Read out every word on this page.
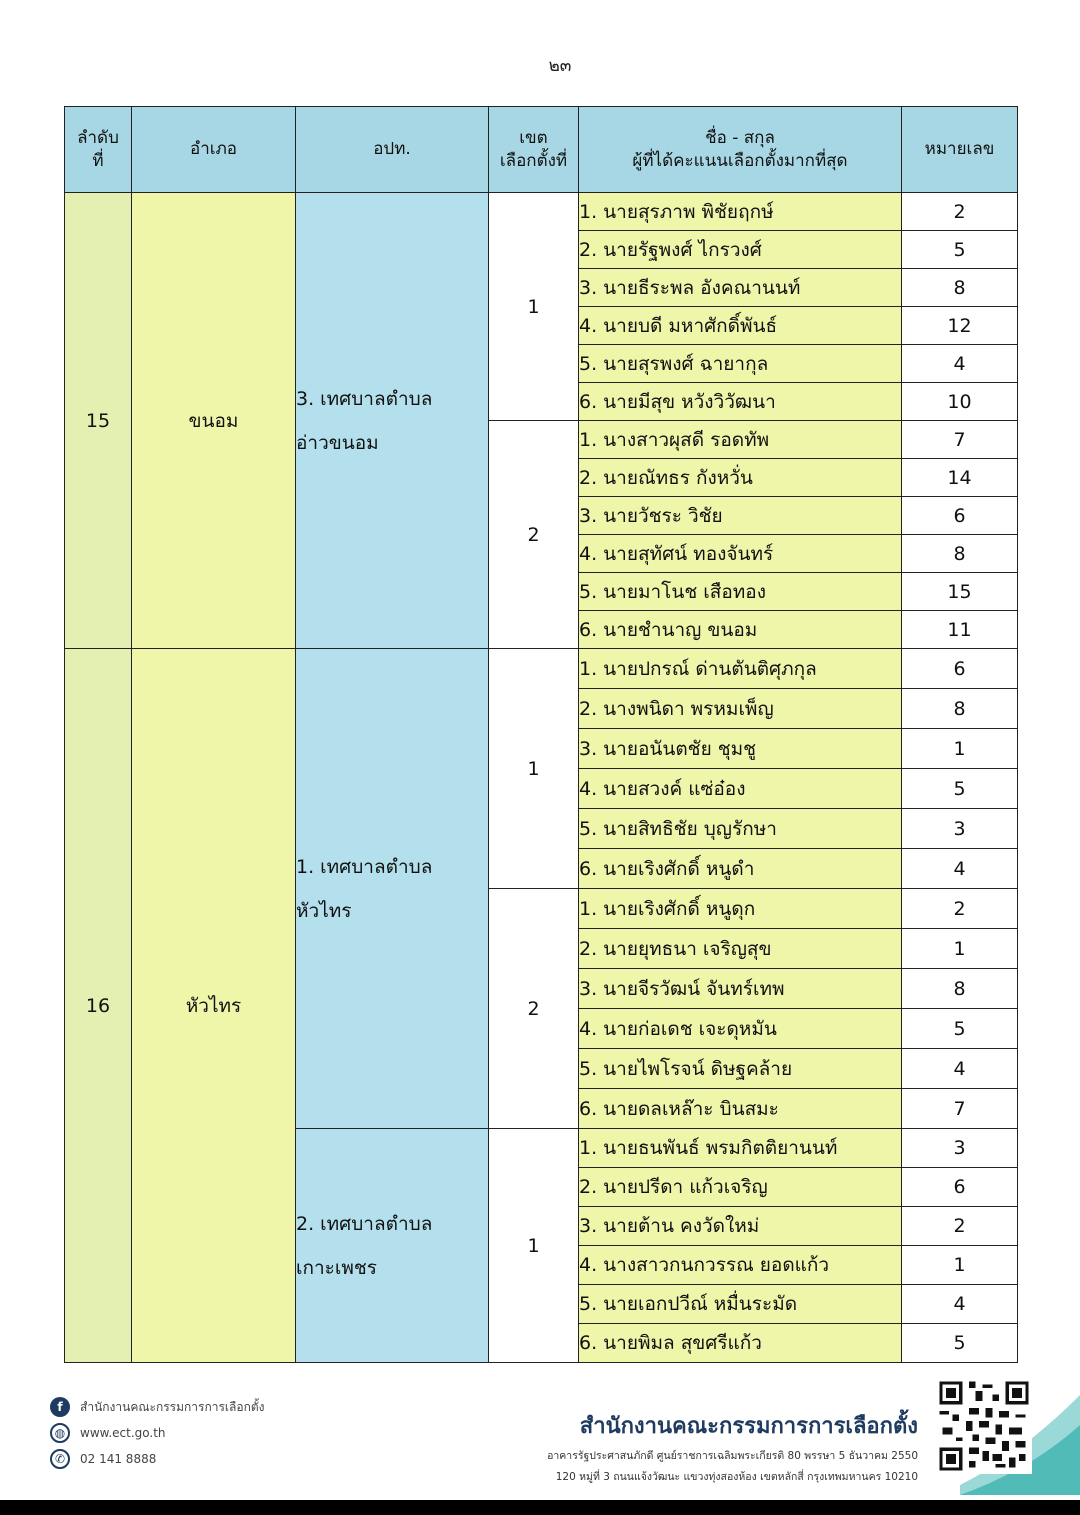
๒๓
ลำดับ
ที่	อำเภอ	อปท.	เขต
เลือกตั้งที่	ชื่อ - สกุล
ผู้ที่ได้คะแนนเลือกตั้งมากที่สุด	หมายเลข
15	ขนอม	3. เทศบาลตำบล
อ่าวขนอม	1	1. นายสุรภาพ พิชัยฤกษ์	2
				2. นายรัฐพงศ์ ไกรวงศ์	5
				3. นายธีระพล อังคณานนท์	8
				4. นายบดี มหาศักดิ์พันธ์	12
				5. นายสุรพงศ์ ฉายากุล	4
				6. นายมีสุข หวังวิวัฒนา	10
			2	1. นางสาวผุสดี รอดทัพ	7
				2. นายณัทธร กังหวั่น	14
				3. นายวัชระ วิชัย	6
				4. นายสุทัศน์ ทองจันทร์	8
				5. นายมาโนช เสือทอง	15
				6. นายชำนาญ ขนอม	11
16	หัวไทร	1. เทศบาลตำบล
หัวไทร	1	1. นายปกรณ์ ด่านตันติศุภกุล	6
				2. นางพนิดา พรหมเพ็ญ	8
				3. นายอนันตชัย ชุมชู	1
				4. นายสวงค์ แซ่อ๋อง	5
				5. นายสิทธิชัย บุญรักษา	3
				6. นายเริงศักดิ์ หนูดำ	4
			2	1. นายเริงศักดิ์ หนูดุก	2
				2. นายยุทธนา เจริญสุข	1
				3. นายจีรวัฒน์ จันทร์เทพ	8
				4. นายก่อเดช เจะดุหมัน	5
				5. นายไพโรจน์ ดิษฐคล้าย	4
				6. นายดลเหล๊าะ บินสมะ	7
		2. เทศบาลตำบล
เกาะเพชร	1	1. นายธนพันธ์ พรมกิตติยานนท์	3
				2. นายปรีดา แก้วเจริญ	6
				3. นายต้าน คงวัดใหม่	2
				4. นางสาวกนกวรรณ ยอดแก้ว	1
				5. นายเอกปวีณ์ หมื่นระมัด	4
				6. นายพิมล สุขศรีแก้ว	5
f	สำนักงานคณะกรรมการการเลือกตั้ง
◍	www.ect.go.th
✆	02 141 8888
สำนักงานคณะกรรมการการเลือกตั้ง
อาคารรัฐประศาสนภักดี ศูนย์ราชการเฉลิมพระเกียรติ 80 พรรษา 5 ธันวาคม 2550
120 หมู่ที่ 3 ถนนแจ้งวัฒนะ แขวงทุ่งสองห้อง เขตหลักสี่ กรุงเทพมหานคร 10210
